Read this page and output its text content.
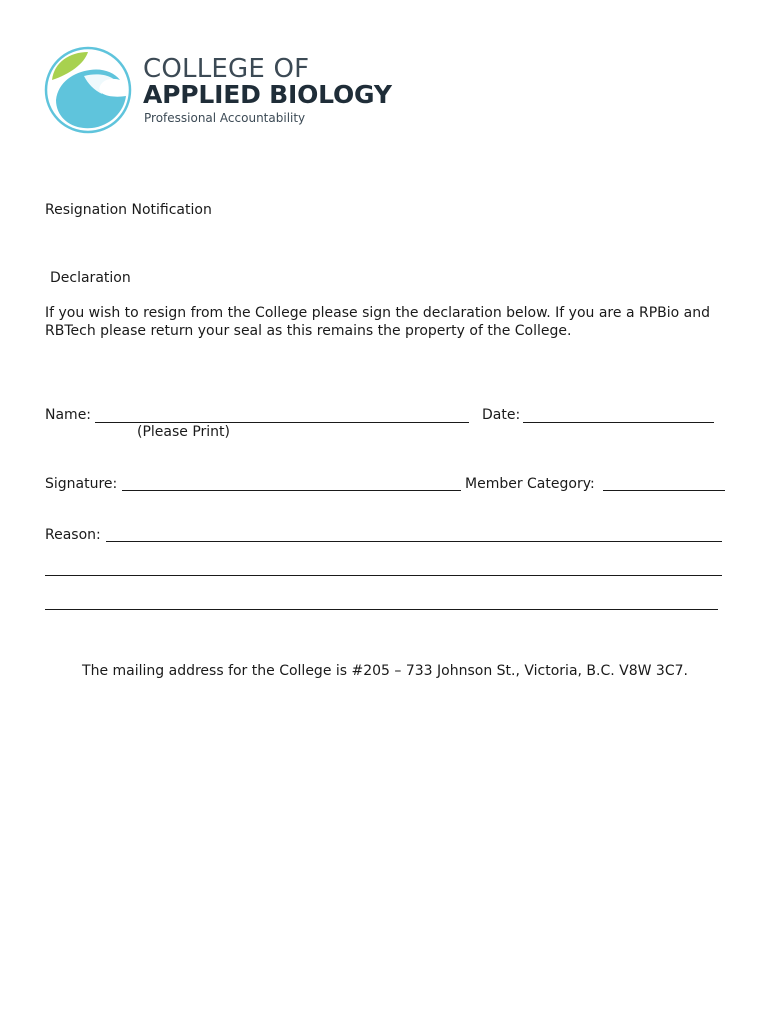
COLLEGE OF
APPLIED BIOLOGY
Professional Accountability
Resignation Notification
Declaration
If you wish to resign from the College please sign the declaration below. If you are a RPBio and RBTech please return your seal as this remains the property of the College.
Name:	Date:
(Please Print)
Signature:	Member Category:
Reason:
The mailing address for the College is #205 – 733 Johnson St., Victoria, B.C. V8W 3C7.
